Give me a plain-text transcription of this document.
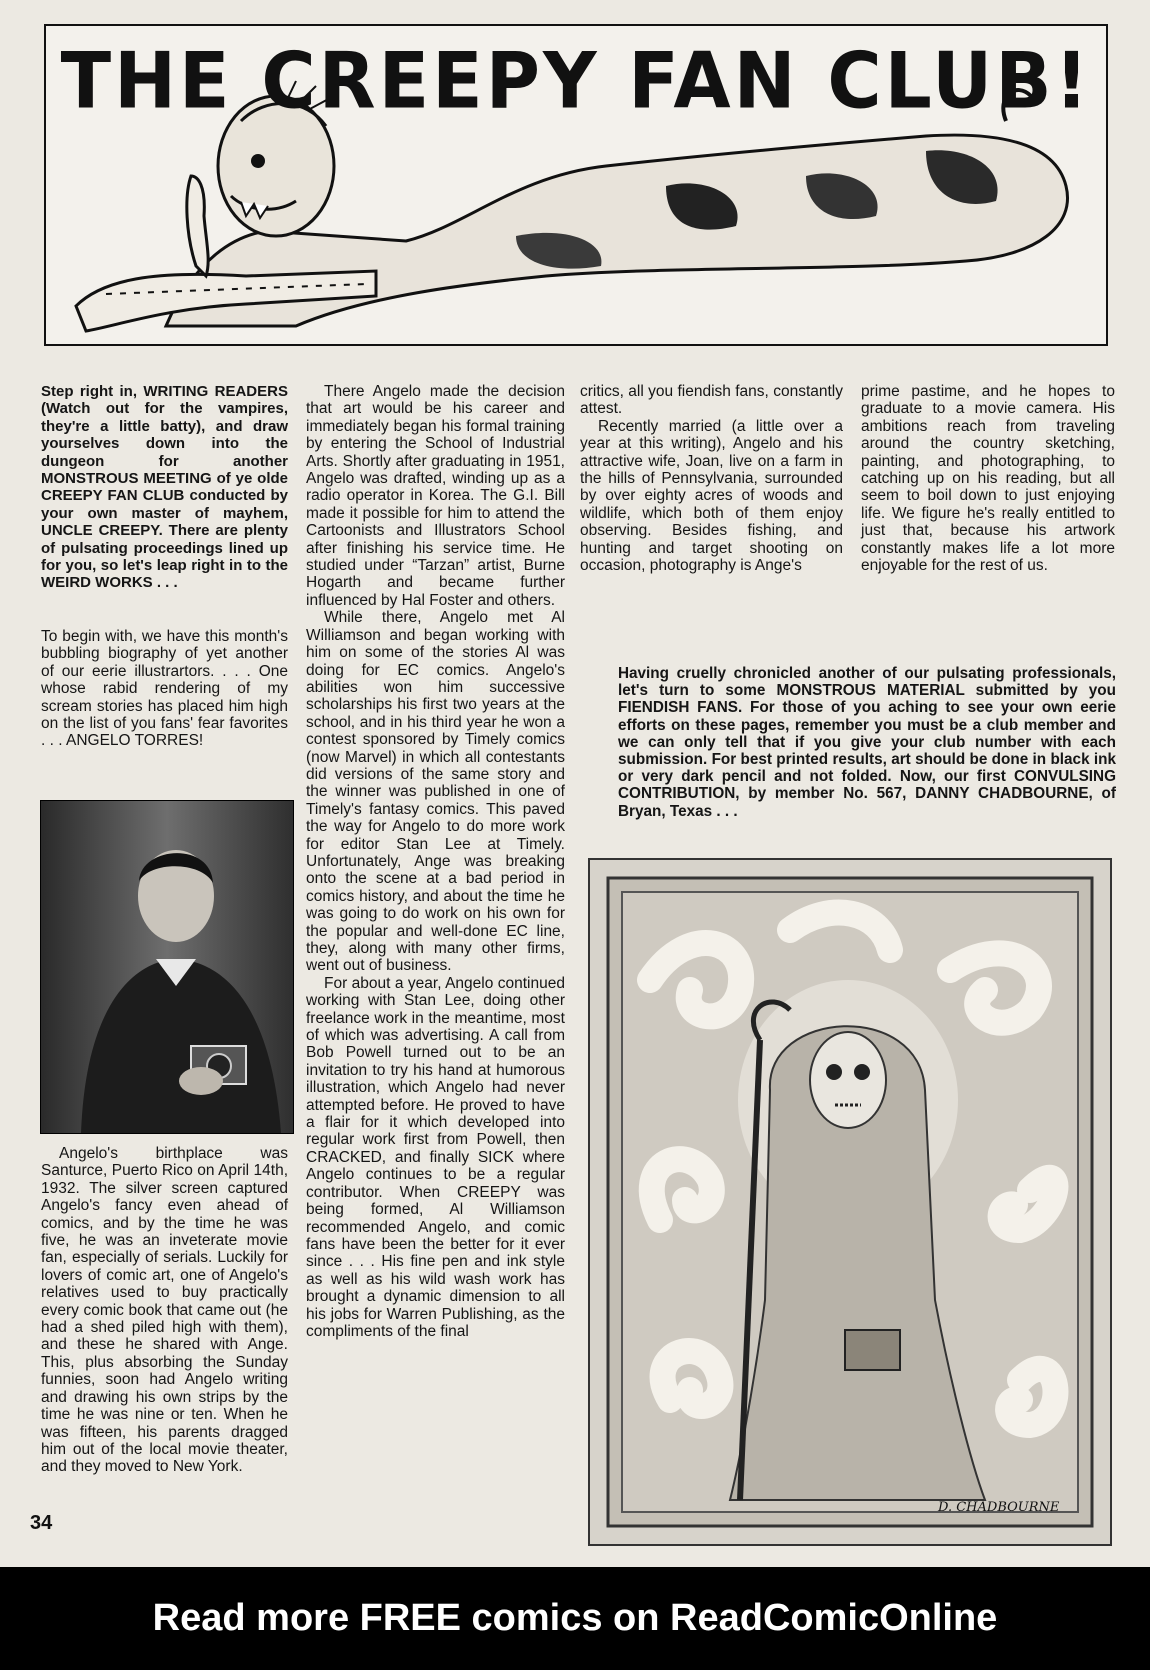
THE CREEPY FAN CLUB!

Step right in, WRITING READERS (Watch out for the vampires, they're a little batty), and draw yourselves down into the dungeon for another MONSTROUS MEETING of ye olde CREEPY FAN CLUB conducted by your own master of mayhem, UNCLE CREEPY. There are plenty of pulsating proceedings lined up for you, so let's leap right in to the WEIRD WORKS . . .

To begin with, we have this month's bubbling biography of yet another of our eerie illustrartors. . . . One whose rabid rendering of my scream stories has placed him high on the list of you fans' fear favorites . . . ANGELO TORRES!

Angelo's birthplace was Santurce, Puerto Rico on April 14th, 1932. The silver screen captured Angelo's fancy even ahead of comics, and by the time he was five, he was an inveterate movie fan, especially of serials. Luckily for lovers of comic art, one of Angelo's relatives used to buy practically every comic book that came out (he had a shed piled high with them), and these he shared with Ange. This, plus absorbing the Sunday funnies, soon had Angelo writing and drawing his own strips by the time he was nine or ten. When he was fifteen, his parents dragged him out of the local movie theater, and they moved to New York.

There Angelo made the decision that art would be his career and immediately began his formal training by entering the School of Industrial Arts. Shortly after graduating in 1951, Angelo was drafted, winding up as a radio operator in Korea. The G.I. Bill made it possible for him to attend the Cartoonists and Illustrators School after finishing his service time. He studied under “Tarzan” artist, Burne Hogarth and became further influenced by Hal Foster and others.

While there, Angelo met Al Williamson and began working with him on some of the stories Al was doing for EC comics. Angelo's abilities won him successive scholarships his first two years at the school, and in his third year he won a contest sponsored by Timely comics (now Marvel) in which all contestants did versions of the same story and the winner was published in one of Timely's fantasy comics. This paved the way for Angelo to do more work for editor Stan Lee at Timely. Unfortunately, Ange was breaking onto the scene at a bad period in comics history, and about the time he was going to do work on his own for the popular and well-done EC line, they, along with many other firms, went out of business.

For about a year, Angelo continued working with Stan Lee, doing other freelance work in the meantime, most of which was advertising. A call from Bob Powell turned out to be an invitation to try his hand at humorous illustration, which Angelo had never attempted before. He proved to have a flair for it which developed into regular work first from Powell, then CRACKED, and finally SICK where Angelo continues to be a regular contributor. When CREEPY was being formed, Al Williamson recommended Angelo, and comic fans have been the better for it ever since . . . His fine pen and ink style as well as his wild wash work has brought a dynamic dimension to all his jobs for Warren Publishing, as the compliments of the final

critics, all you fiendish fans, constantly attest.

Recently married (a little over a year at this writing), Angelo and his attractive wife, Joan, live on a farm in the hills of Pennsylvania, surrounded by over eighty acres of woods and wildlife, which both of them enjoy observing. Besides fishing, and hunting and target shooting on occasion, photography is Ange's

prime pastime, and he hopes to graduate to a movie camera. His ambitions reach from traveling around the country sketching, painting, and photographing, to catching up on his reading, but all seem to boil down to just enjoying life. We figure he's really entitled to just that, because his artwork constantly makes life a lot more enjoyable for the rest of us.

Having cruelly chronicled another of our pulsating professionals, let's turn to some MONSTROUS MATERIAL submitted by you FIENDISH FANS. For those of you aching to see your own eerie efforts on these pages, remember you must be a club member and we can only tell that if you give your club number with each submission. For best printed results, art should be done in black ink or very dark pencil and not folded. Now, our first CONVULSING CONTRIBUTION, by member No. 567, DANNY CHADBOURNE, of Bryan, Texas . . .
D. CHADBOURNE
34
Read more FREE comics on ReadComicOnline
